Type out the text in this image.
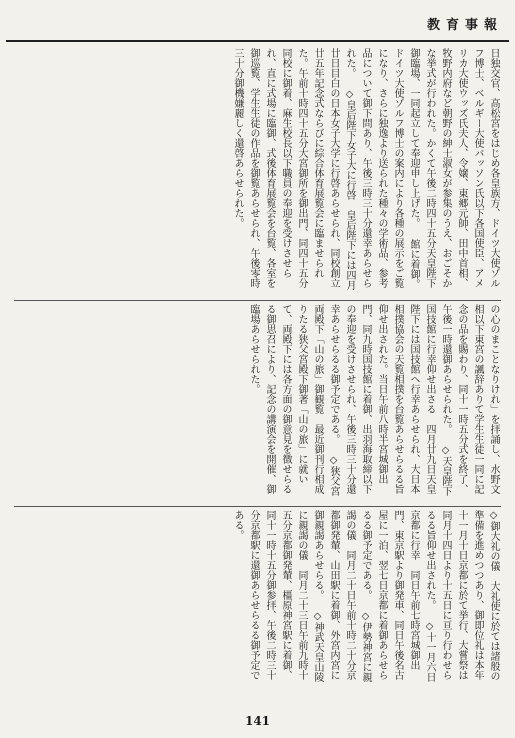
教育事報

日独交官、高松宮をはじめ各皇族方、ドイツ大使ゾルフ博士、ベルギー大使バッソン氏以下各国使臣、アメリカ大使ウッズ氏夫人、令嬢、東郷元帥、田中首相、牧野内府など朝野の紳士淑女が参集のうえ、おごそかな挙式が行われた。かくて午後二時四十五分天皇陛下御臨場、一同起立して奉迎申し上げた。

館に着御。ドイツ大使ゾルフ博士の案内により各種の展示をご覧になり、さらに独逸より送られた種々の学術品、参考品について御下問あり、午後三時三十分還幸あらせられた。

◇皇后陛下女子大に行啓　皇后陛下には四月廿日目白の日本女子大学に行啓あらせられ、同校創立廿五年記念式ならびに綜合体育展覧会に臨ませられた。午前十時四十五分大宮御所を御出門、同四十五分同校に御着、麻生校長以下職員の奉迎を受けさせられ、直に式場に臨御、式後体育展覧会を台覧、各室を御巡覧、学生生徒の作品を御覧あらせられ、午後零時三十分御機嫌麗しく還啓あらせられた。

の心のまことなりけれ」を拝誦し、水野文相以下東宮の諷辞ありて学生生徒一同に記念の品を賜わり、同十一時五分式を終了、午後一時還御あらせられた。

◇天皇陛下国技館に行幸仰せ出さる　四月廿九日天皇陛下には国技館へ行幸あらせられ、大日本相撲協会の天覧相撲を台覧あらせらるる旨仰せ出された。当日午前八時半宮城御出門、同九時国技館に着御、出羽海取締以下の奉迎を受けさせられ、午後三時三十分還幸あらせらるる御予定である。

◇狭父宮両殿下「山の旅」御観覧　最近御刊行相成りたる狭父宮殿下御著「山の旅」に就いて、両殿下には各方面の御意見を徴せらるる御思召により、記念の講演会を開催、御臨場あらせられた。

◇御大礼の儀　大礼使に於ては諸般の準備を進めつつあり、御即位礼は本年十一月十日京都に於て挙行、大嘗祭は同月十四日より十五日に亘り行わせらるる旨仰せ出された。

◇十一月六日京都に行幸　同日午前七時宮城御出門、東京駅より御発車、同日午後名古屋に一泊、翌七日京都に着御あらせらるる御予定である。

◇伊勢神宮に親謁の儀　同月二十日午前十時二十分京都御発輦、山田駅に着御、外宮内宮に御親謁あらせらる。

◇神武天皇山陵に親謁の儀　同月二十三日午前九時十五分京都御発輦、橿原神宮駅に着御、同十一時十五分御参拝、午後二時三十分京都駅に還御あらせらるる御予定である。

141
